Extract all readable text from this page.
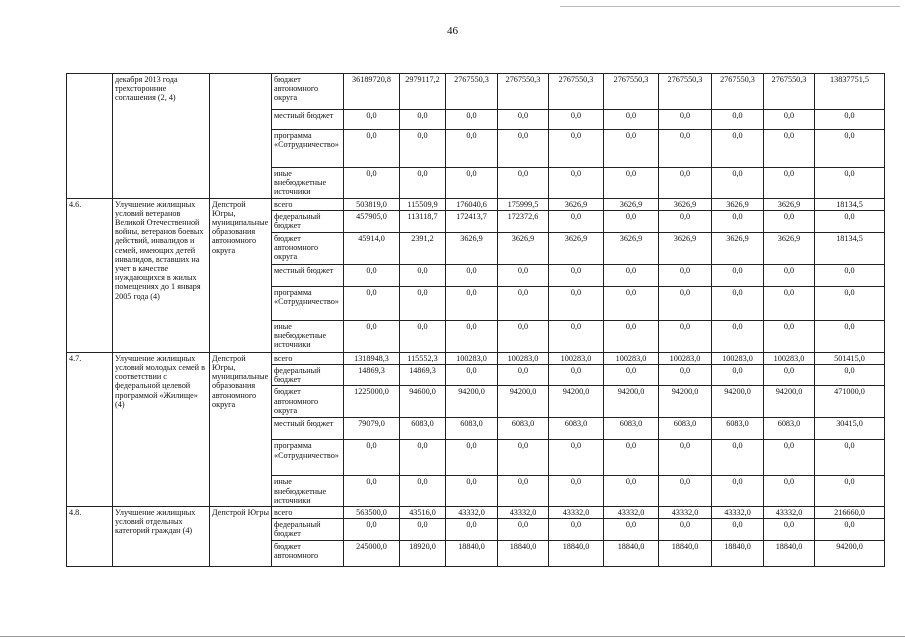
46
	декабря 2013 года трехсторонние соглашения (2, 4)		бюджет автономного округа	36189720,8	2979117,2	2767550,3	2767550,3	2767550,3	2767550,3	2767550,3	2767550,3	2767550,3	13837751,5
			местный бюджет	0,0	0,0	0,0	0,0	0,0	0,0	0,0	0,0	0,0	0,0
			программа «Сотрудничество»	0,0	0,0	0,0	0,0	0,0	0,0	0,0	0,0	0,0	0,0
			иные внебюджетные источники	0,0	0,0	0,0	0,0	0,0	0,0	0,0	0,0	0,0	0,0
4.6.	Улучшение жилищных условий ветеранов Великой Отечественной войны, ветеранов боевых действий, инвалидов и семей, имеющих детей инвалидов, вставших на учет в качестве нуждающихся в жилых помещениях до 1 января 2005 года (4)	Депстрой Югры, муниципальные образования автономного округа	всего	503819,0	115509,9	176040,6	175999,5	3626,9	3626,9	3626,9	3626,9	3626,9	18134,5
			федеральный бюджет	457905,0	113118,7	172413,7	172372,6	0,0	0,0	0,0	0,0	0,0	0,0
			бюджет автономного округа	45914,0	2391,2	3626,9	3626,9	3626,9	3626,9	3626,9	3626,9	3626,9	18134,5
			местный бюджет	0,0	0,0	0,0	0,0	0,0	0,0	0,0	0,0	0,0	0,0
			программа «Сотрудничество»	0,0	0,0	0,0	0,0	0,0	0,0	0,0	0,0	0,0	0,0
			иные внебюджетные источники	0,0	0,0	0,0	0,0	0,0	0,0	0,0	0,0	0,0	0,0
4.7.	Улучшение жилищных условий молодых семей в соответствии с федеральной целевой программой «Жилище» (4)	Депстрой Югры, муниципальные образования автономного округа	всего	1318948,3	115552,3	100283,0	100283,0	100283,0	100283,0	100283,0	100283,0	100283,0	501415,0
			федеральный бюджет	14869,3	14869,3	0,0	0,0	0,0	0,0	0,0	0,0	0,0	0,0
			бюджет автономного округа	1225000,0	94600,0	94200,0	94200,0	94200,0	94200,0	94200,0	94200,0	94200,0	471000,0
			местный бюджет	79079,0	6083,0	6083,0	6083,0	6083,0	6083,0	6083,0	6083,0	6083,0	30415,0
			программа «Сотрудничество»	0,0	0,0	0,0	0,0	0,0	0,0	0,0	0,0	0,0	0,0
			иные внебюджетные источники	0,0	0,0	0,0	0,0	0,0	0,0	0,0	0,0	0,0	0,0
4.8.	Улучшение жилищных условий отдельных категорий граждан (4)	Депстрой Югры	всего	563500,0	43516,0	43332,0	43332,0	43332,0	43332,0	43332,0	43332,0	43332,0	216660,0
			федеральный бюджет	0,0	0,0	0,0	0,0	0,0	0,0	0,0	0,0	0,0	0,0
			бюджет автономного	245000,0	18920,0	18840,0	18840,0	18840,0	18840,0	18840,0	18840,0	18840,0	94200,0
